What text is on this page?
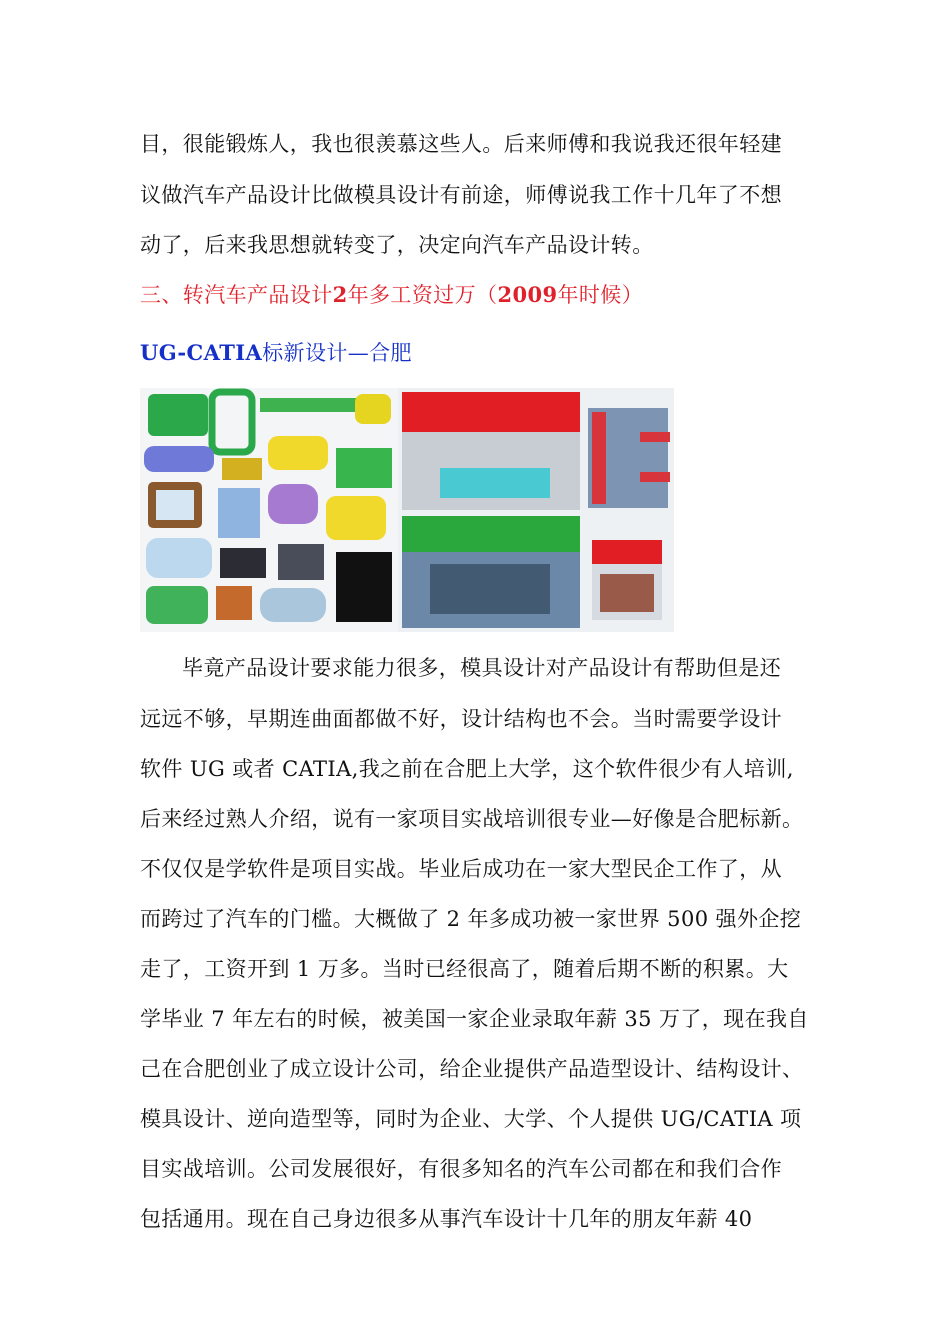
目，很能锻炼人，我也很羡慕这些人。后来师傅和我说我还很年轻建
议做汽车产品设计比做模具设计有前途，师傅说我工作十几年了不想
动了，后来我思想就转变了，决定向汽车产品设计转。
三、转汽车产品设计2年多工资过万（2009年时候）
UG-CATIA标新设计—合肥
毕竟产品设计要求能力很多，模具设计对产品设计有帮助但是还
远远不够，早期连曲面都做不好，设计结构也不会。当时需要学设计
软件 UG 或者 CATIA,我之前在合肥上大学，这个软件很少有人培训,
后来经过熟人介绍，说有一家项目实战培训很专业—好像是合肥标新。
不仅仅是学软件是项目实战。毕业后成功在一家大型民企工作了，从
而跨过了汽车的门槛。大概做了 2 年多成功被一家世界 500 强外企挖
走了，工资开到 1 万多。当时已经很高了，随着后期不断的积累。大
学毕业 7 年左右的时候，被美国一家企业录取年薪 35 万了，现在我自
己在合肥创业了成立设计公司，给企业提供产品造型设计、结构设计、
模具设计、逆向造型等，同时为企业、大学、个人提供 UG/CATIA 项
目实战培训。公司发展很好，有很多知名的汽车公司都在和我们合作
包括通用。现在自己身边很多从事汽车设计十几年的朋友年薪 40
